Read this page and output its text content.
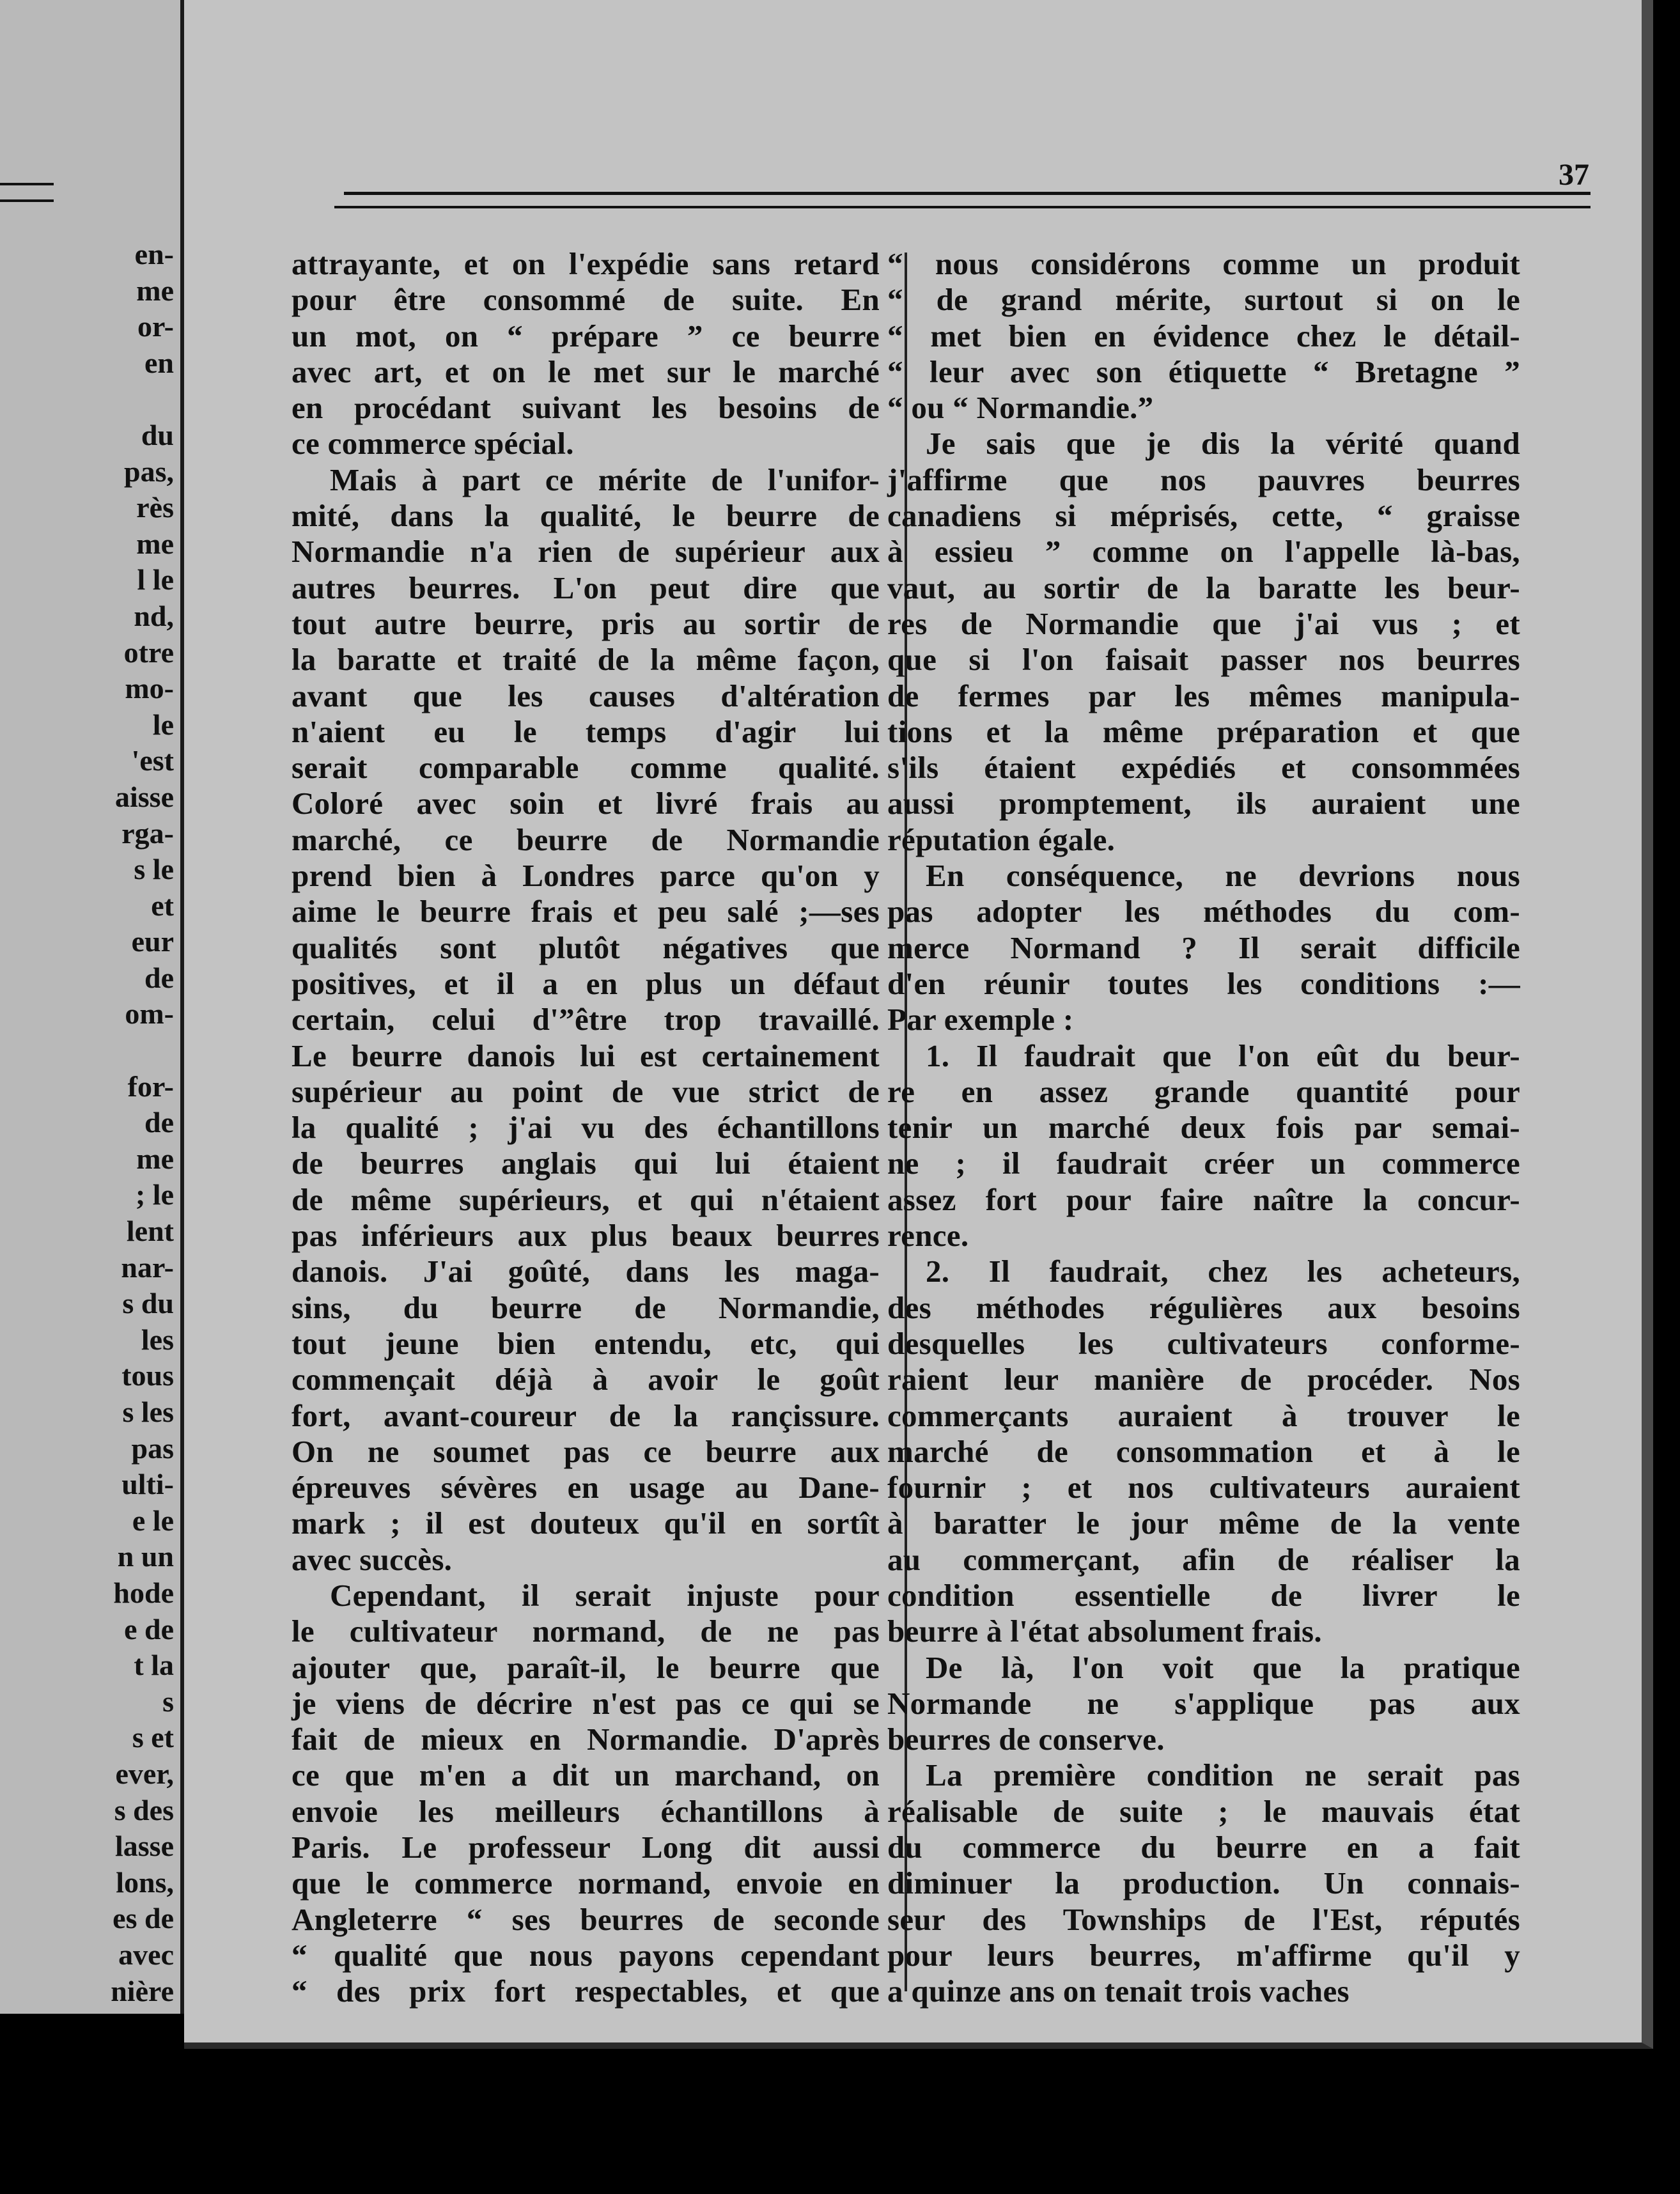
en-
me
or-
en
du
pas,
rès
me
l le
nd,
otre
mo-
le
'est
aisse
rga-
s le
et
eur
de
om-
for-
de
me
; le
lent
nar-
s du
les
tous
s les
pas
ulti-
e le
n un
hode
e de
t la
s
s et
ever,
s des
lasse
lons,
es de
avec
nière
37
attrayante, et on l'expédie sans retard
pour être consommé de suite. En
un mot, on “ prépare ” ce beurre
avec art, et on le met sur le marché
en procédant suivant les besoins de
ce commerce spécial.
Mais à part ce mérite de l'unifor-
mité, dans la qualité, le beurre de
Normandie n'a rien de supérieur aux
autres beurres. L'on peut dire que
tout autre beurre, pris au sortir de
la baratte et traité de la même façon,
avant que les causes d'altération
n'aient eu le temps d'agir lui
serait comparable comme qualité.
Coloré avec soin et livré frais au
marché, ce beurre de Normandie
prend bien à Londres parce qu'on y
aime le beurre frais et peu salé ;—ses
qualités sont plutôt négatives que
positives, et il a en plus un défaut
certain, celui d'”être trop travaillé.
Le beurre danois lui est certainement
supérieur au point de vue strict de
la qualité ; j'ai vu des échantillons
de beurres anglais qui lui étaient
de même supérieurs, et qui n'étaient
pas inférieurs aux plus beaux beurres
danois. J'ai goûté, dans les maga-
sins, du beurre de Normandie,
tout jeune bien entendu, etc, qui
commençait déjà à avoir le goût
fort, avant-coureur de la rançissure.
On ne soumet pas ce beurre aux
épreuves sévères en usage au Dane-
mark ; il est douteux qu'il en sortît
avec succès.
Cependant, il serait injuste pour
le cultivateur normand, de ne pas
ajouter que, paraît-il, le beurre que
je viens de décrire n'est pas ce qui se
fait de mieux en Normandie. D'après
ce que m'en a dit un marchand, on
envoie les meilleurs échantillons à
Paris. Le professeur Long dit aussi
que le commerce normand, envoie en
Angleterre “ ses beurres de seconde
“ qualité que nous payons cependant
“ des prix fort respectables, et que
“ nous considérons comme un produit
“ de grand mérite, surtout si on le
“ met bien en évidence chez le détail-
“ leur avec son étiquette “ Bretagne ”
“ ou “ Normandie.”
Je sais que je dis la vérité quand
j'affirme que nos pauvres beurres
canadiens si méprisés, cette, “ graisse
à essieu ” comme on l'appelle là-bas,
vaut, au sortir de la baratte les beur-
res de Normandie que j'ai vus ; et
que si l'on faisait passer nos beurres
de fermes par les mêmes manipula-
tions et la même préparation et que
s'ils étaient expédiés et consommées
aussi promptement, ils auraient une
réputation égale.
En conséquence, ne devrions nous
pas adopter les méthodes du com-
merce Normand ? Il serait difficile
d'en réunir toutes les conditions :—
Par exemple :
1. Il faudrait que l'on eût du beur-
re en assez grande quantité pour
tenir un marché deux fois par semai-
ne ; il faudrait créer un commerce
assez fort pour faire naître la concur-
rence.
2. Il faudrait, chez les acheteurs,
des méthodes régulières aux besoins
desquelles les cultivateurs conforme-
raient leur manière de procéder. Nos
commerçants auraient à trouver le
marché de consommation et à le
fournir ; et nos cultivateurs auraient
à baratter le jour même de la vente
au commerçant, afin de réaliser la
condition essentielle de livrer le
beurre à l'état absolument frais.
De là, l'on voit que la pratique
Normande ne s'applique pas aux
beurres de conserve.
La première condition ne serait pas
réalisable de suite ; le mauvais état
du commerce du beurre en a fait
diminuer la production. Un connais-
seur des Townships de l'Est, réputés
pour leurs beurres, m'affirme qu'il y
a quinze ans on tenait trois vaches
